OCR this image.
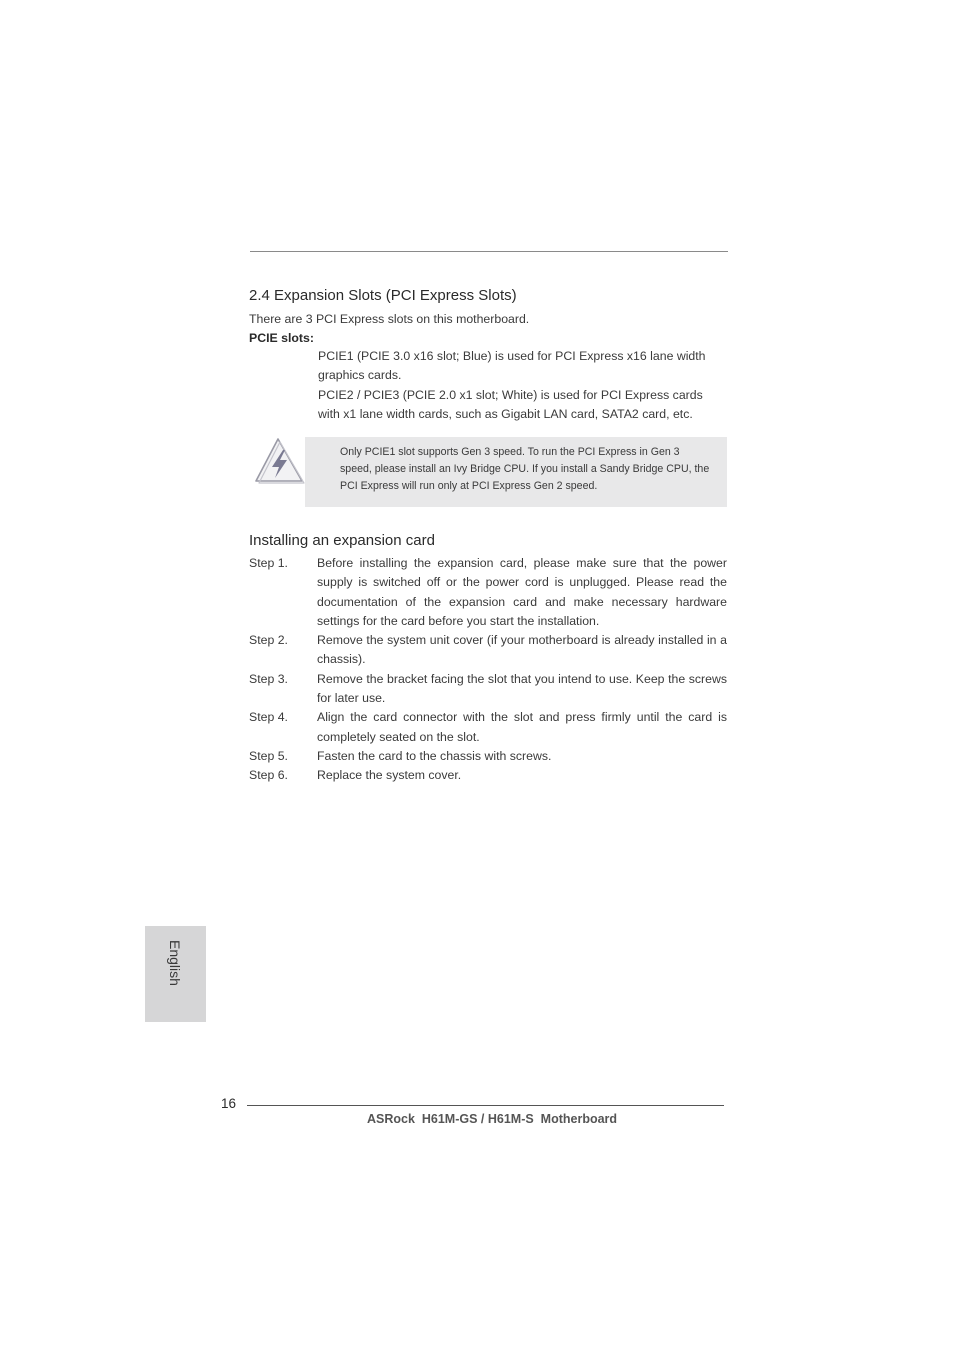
2.4 Expansion Slots (PCI Express Slots)
There are 3 PCI Express slots on this motherboard.
PCIE slots:

PCIE1 (PCIE 3.0 x16 slot; Blue) is used for PCI Express x16 lane width graphics cards.

PCIE2 / PCIE3 (PCIE 2.0 x1 slot; White) is used for PCI Express cards with x1 lane width cards, such as Gigabit LAN card, SATA2 card, etc.

Only PCIE1 slot supports Gen 3 speed. To run the PCI Express in Gen 3 speed, please install an Ivy Bridge CPU. If you install a Sandy Bridge CPU, the PCI Express will run only at PCI Express Gen 2 speed.
Installing an expansion card
Step 1.	Before installing the expansion card, please make sure that the power supply is switched off or the power cord is unplugged. Please read the documentation of the expansion card and make necessary hardware settings for the card before you start the installation.
Step 2.	Remove the system unit cover (if your motherboard is already installed in a chassis).
Step 3.	Remove the bracket facing the slot that you intend to use. Keep the screws for later use.
Step 4.	Align the card connector with the slot and press firmly until the card is completely seated on the slot.
Step 5.	Fasten the card to the chassis with screws.
Step 6.	Replace the system cover.
English
16
ASRock  H61M-GS / H61M-S  Motherboard
